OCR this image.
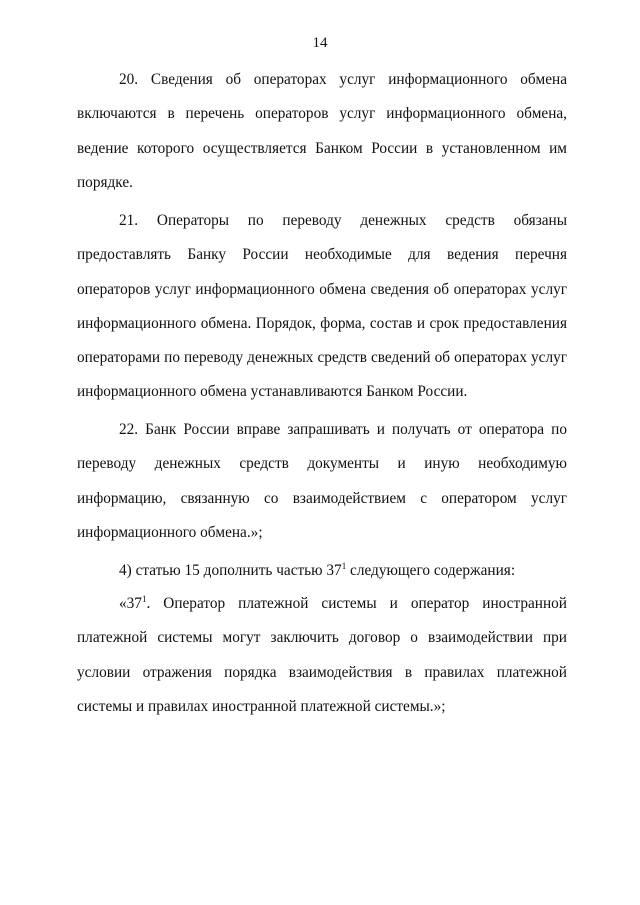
14

20. Сведения об операторах услуг информационного обмена включаются в перечень операторов услуг информационного обмена, ведение которого осуществляется Банком России в установленном им порядке.

21. Операторы по переводу денежных средств обязаны предоставлять Банку России необходимые для ведения перечня операторов услуг информационного обмена сведения об операторах услуг информационного обмена. Порядок, форма, состав и срок предоставления операторами по переводу денежных средств сведений об операторах услуг информационного обмена устанавливаются Банком России.

22. Банк России вправе запрашивать и получать от оператора по переводу денежных средств документы и иную необходимую информацию, связанную со взаимодействием с оператором услуг информационного обмена.»;

4) статью 15 дополнить частью $37^1$ следующего содержания:

«$37^1$. Оператор платежной системы и оператор иностранной платежной системы могут заключить договор о взаимодействии при условии отражения порядка взаимодействия в правилах платежной системы и правилах иностранной платежной системы.»;
